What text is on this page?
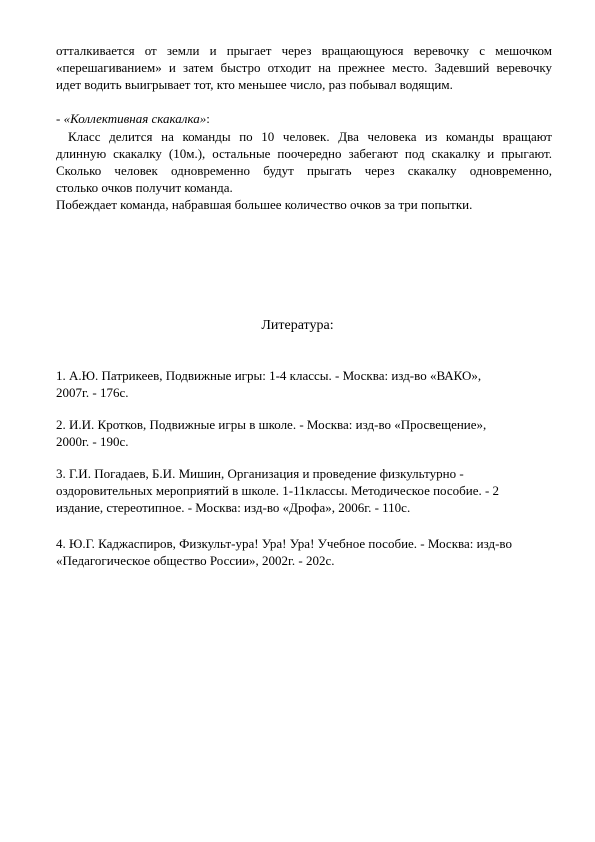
отталкивается от земли и прыгает через вращающуюся веревочку с мешочком
«перешагиванием» и затем быстро отходит на прежнее место. Задевший веревочку
идет водить выигрывает тот, кто меньшее число, раз побывал водящим.
- «Коллективная скакалка»:
Класс делится на команды по 10 человек. Два человека из команды вращают
длинную скакалку (10м.), остальные поочередно забегают под скакалку и прыгают.
Сколько человек одновременно будут прыгать через скакалку одновременно,
столько очков получит команда.
Побеждает команда, набравшая большее количество очков за три попытки.

Литература:

1. А.Ю. Патрикеев, Подвижные игры: 1-4 классы. - Москва: изд-во «ВАКО»,
2007г. - 176с.
2. И.И. Кротков, Подвижные игры в школе. - Москва: изд-во «Просвещение»,
2000г. - 190с.
3. Г.И. Погадаев, Б.И. Мишин, Организация и проведение физкультурно -
оздоровительных мероприятий в школе. 1-11классы. Методическое пособие. - 2
издание, стереотипное. - Москва: изд-во «Дрофа», 2006г. - 110с.
4. Ю.Г. Каджаспиров, Физкульт-ура! Ура! Ура! Учебное пособие. - Москва: изд-во
«Педагогическое общество России», 2002г. - 202с.
